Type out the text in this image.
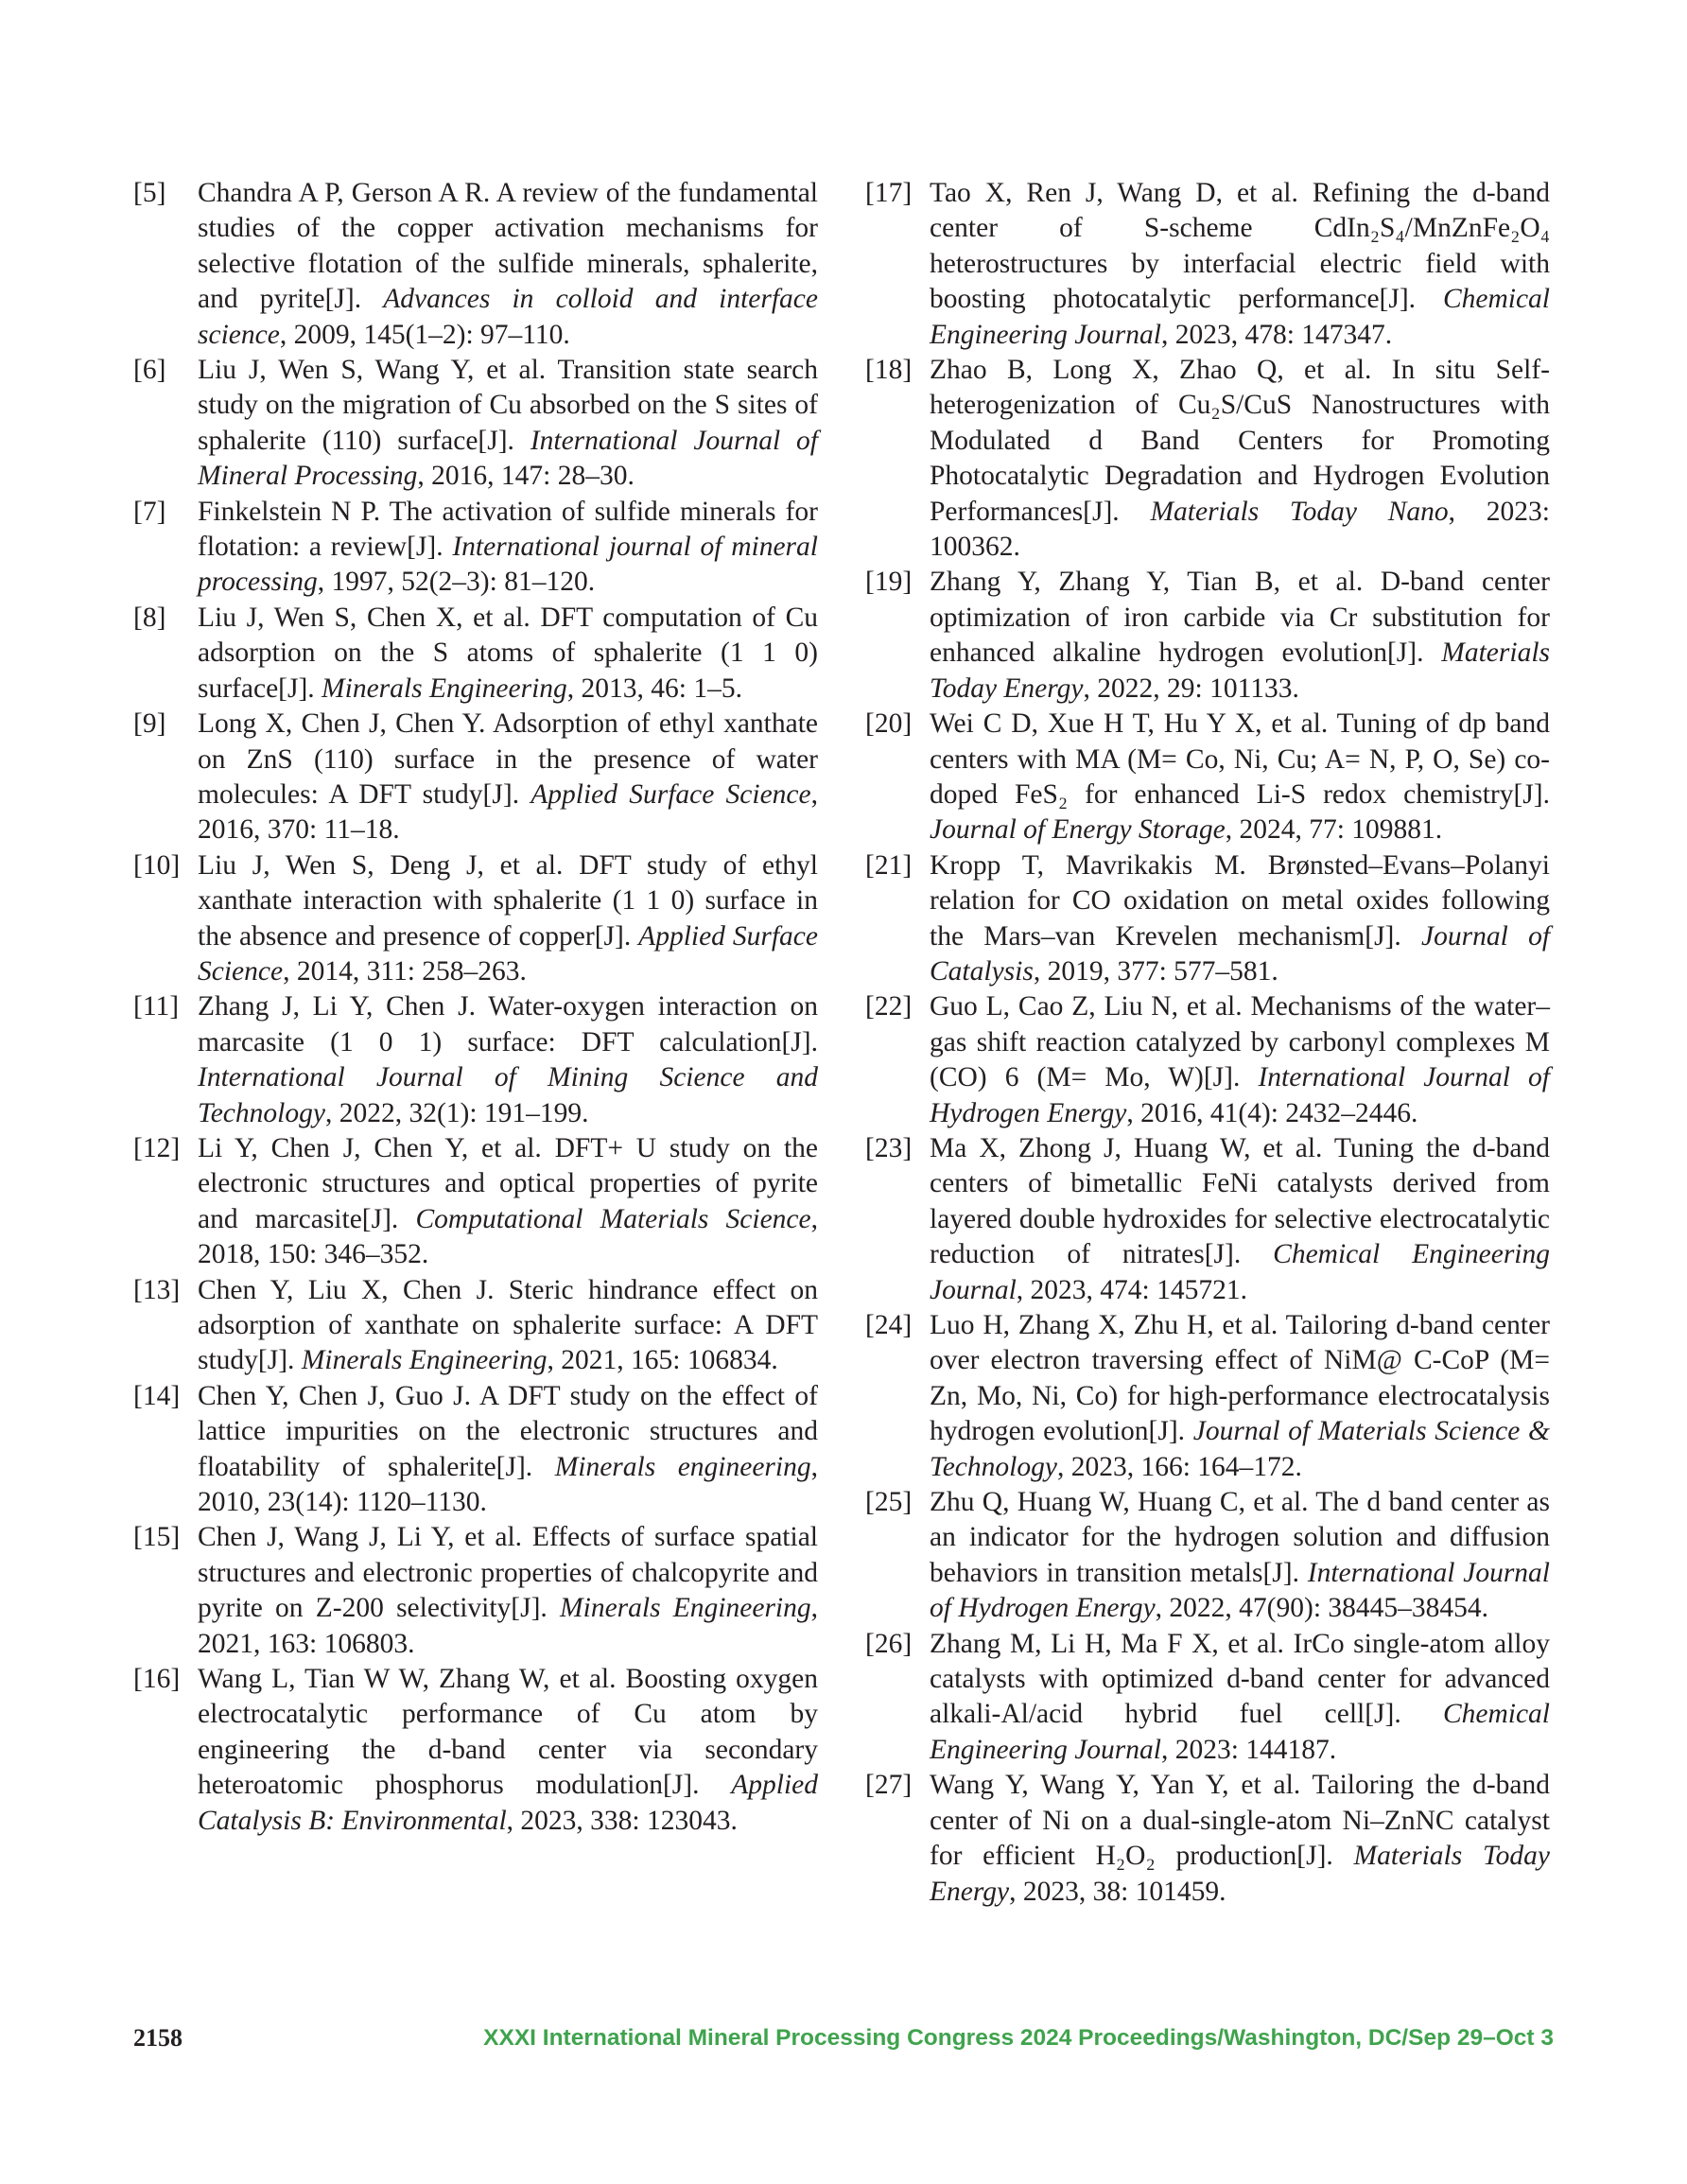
[5]	Chandra A P, Gerson A R. A review of the fundamental studies of the copper activation mechanisms for selective flotation of the sulfide minerals, sphalerite, and pyrite[J]. Advances in colloid and interface science, 2009, 145(1–2): 97–110.
[6]	Liu J, Wen S, Wang Y, et al. Transition state search study on the migration of Cu absorbed on the S sites of sphalerite (110) surface[J]. International Journal of Mineral Processing, 2016, 147: 28–30.
[7]	Finkelstein N P. The activation of sulfide minerals for flotation: a review[J]. International journal of mineral processing, 1997, 52(2–3): 81–120.
[8]	Liu J, Wen S, Chen X, et al. DFT computation of Cu adsorption on the S atoms of sphalerite (1 1 0) surface[J]. Minerals Engineering, 2013, 46: 1–5.
[9]	Long X, Chen J, Chen Y. Adsorption of ethyl xanthate on ZnS (110) surface in the presence of water molecules: A DFT study[J]. Applied Surface Science, 2016, 370: 11–18.
[10] Liu J, Wen S, Deng J, et al. DFT study of ethyl xanthate interaction with sphalerite (1 1 0) surface in the absence and presence of copper[J]. Applied Surface Science, 2014, 311: 258–263.
[11] Zhang J, Li Y, Chen J. Water-oxygen interaction on marcasite (1 0 1) surface: DFT calculation[J]. International Journal of Mining Science and Technology, 2022, 32(1): 191–199.
[12] Li Y, Chen J, Chen Y, et al. DFT+ U study on the electronic structures and optical properties of pyrite and marcasite[J]. Computational Materials Science, 2018, 150: 346–352.
[13] Chen Y, Liu X, Chen J. Steric hindrance effect on adsorption of xanthate on sphalerite surface: A DFT study[J]. Minerals Engineering, 2021, 165: 106834.
[14] Chen Y, Chen J, Guo J. A DFT study on the effect of lattice impurities on the electronic structures and floatability of sphalerite[J]. Minerals engineering, 2010, 23(14): 1120–1130.
[15] Chen J, Wang J, Li Y, et al. Effects of surface spatial structures and electronic properties of chalcopyrite and pyrite on Z-200 selectivity[J]. Minerals Engineering, 2021, 163: 106803.
[16] Wang L, Tian W W, Zhang W, et al. Boosting oxygen electrocatalytic performance of Cu atom by engineering the d-band center via secondary heteroatomic phosphorus modulation[J]. Applied Catalysis B: Environmental, 2023, 338: 123043.
[17] Tao X, Ren J, Wang D, et al. Refining the d-band center of S-scheme CdIn₂S₄/MnZnFe₂O₄ heterostructures by interfacial electric field with boosting photocatalytic performance[J]. Chemical Engineering Journal, 2023, 478: 147347.
[18] Zhao B, Long X, Zhao Q, et al. In situ Self-heterogenization of Cu₂S/CuS Nanostructures with Modulated d Band Centers for Promoting Photocatalytic Degradation and Hydrogen Evolution Performances[J]. Materials Today Nano, 2023: 100362.
[19] Zhang Y, Zhang Y, Tian B, et al. D-band center optimization of iron carbide via Cr substitution for enhanced alkaline hydrogen evolution[J]. Materials Today Energy, 2022, 29: 101133.
[20] Wei C D, Xue H T, Hu Y X, et al. Tuning of dp band centers with MA (M= Co, Ni, Cu; A= N, P, O, Se) co-doped FeS₂ for enhanced Li-S redox chemistry[J]. Journal of Energy Storage, 2024, 77: 109881.
[21] Kropp T, Mavrikakis M. Brønsted–Evans–Polanyi relation for CO oxidation on metal oxides following the Mars–van Krevelen mechanism[J]. Journal of Catalysis, 2019, 377: 577–581.
[22] Guo L, Cao Z, Liu N, et al. Mechanisms of the water–gas shift reaction catalyzed by carbonyl complexes M (CO) 6 (M= Mo, W)[J]. International Journal of Hydrogen Energy, 2016, 41(4): 2432–2446.
[23] Ma X, Zhong J, Huang W, et al. Tuning the d-band centers of bimetallic FeNi catalysts derived from layered double hydroxides for selective electrocatalytic reduction of nitrates[J]. Chemical Engineering Journal, 2023, 474: 145721.
[24] Luo H, Zhang X, Zhu H, et al. Tailoring d-band center over electron traversing effect of NiM@ C-CoP (M= Zn, Mo, Ni, Co) for high-performance electrocatalysis hydrogen evolution[J]. Journal of Materials Science & Technology, 2023, 166: 164–172.
[25] Zhu Q, Huang W, Huang C, et al. The d band center as an indicator for the hydrogen solution and diffusion behaviors in transition metals[J]. International Journal of Hydrogen Energy, 2022, 47(90): 38445–38454.
[26] Zhang M, Li H, Ma F X, et al. IrCo single-atom alloy catalysts with optimized d-band center for advanced alkali-Al/acid hybrid fuel cell[J]. Chemical Engineering Journal, 2023: 144187.
[27] Wang Y, Wang Y, Yan Y, et al. Tailoring the d-band center of Ni on a dual-single-atom Ni–ZnNC catalyst for efficient H₂O₂ production[J]. Materials Today Energy, 2023, 38: 101459.
2158	XXXI International Mineral Processing Congress 2024 Proceedings/Washington, DC/Sep 29–Oct 3
